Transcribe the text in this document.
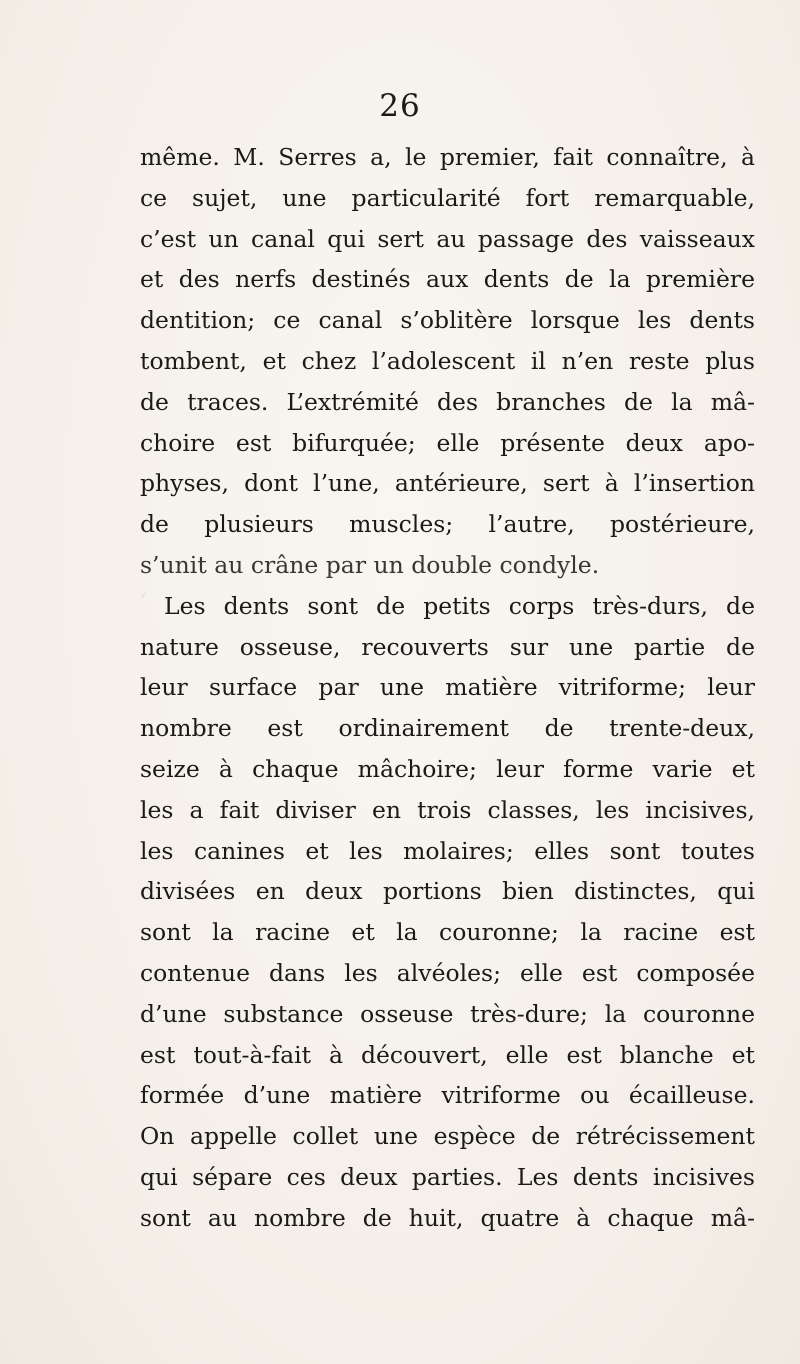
26
même. M. Serres a, le premier, fait connaître, à
ce sujet, une particularité fort remarquable,
c’est un canal qui sert au passage des vaisseaux
et des nerfs destinés aux dents de la première
dentition; ce canal s’oblitère lorsque les dents
tombent, et chez l’adolescent il n’en reste plus
de traces. L’extrémité des branches de la mâ-
choire est bifurquée; elle présente deux apo-
physes, dont l’une, antérieure, sert à l’insertion
de plusieurs muscles; l’autre, postérieure,
s’unit au crâne par un double condyle.
Les dents sont de petits corps très-durs, de
nature osseuse, recouverts sur une partie de
leur surface par une matière vitriforme; leur
nombre est ordinairement de trente-deux,
seize à chaque mâchoire; leur forme varie et
les a fait diviser en trois classes, les incisives,
les canines et les molaires; elles sont toutes
divisées en deux portions bien distinctes, qui
sont la racine et la couronne; la racine est
contenue dans les alvéoles; elle est composée
d’une substance osseuse très-dure; la couronne
est tout-à-fait à découvert, elle est blanche et
formée d’une matière vitriforme ou écailleuse.
On appelle collet une espèce de rétrécissement
qui sépare ces deux parties. Les dents incisives
sont au nombre de huit, quatre à chaque mâ-
